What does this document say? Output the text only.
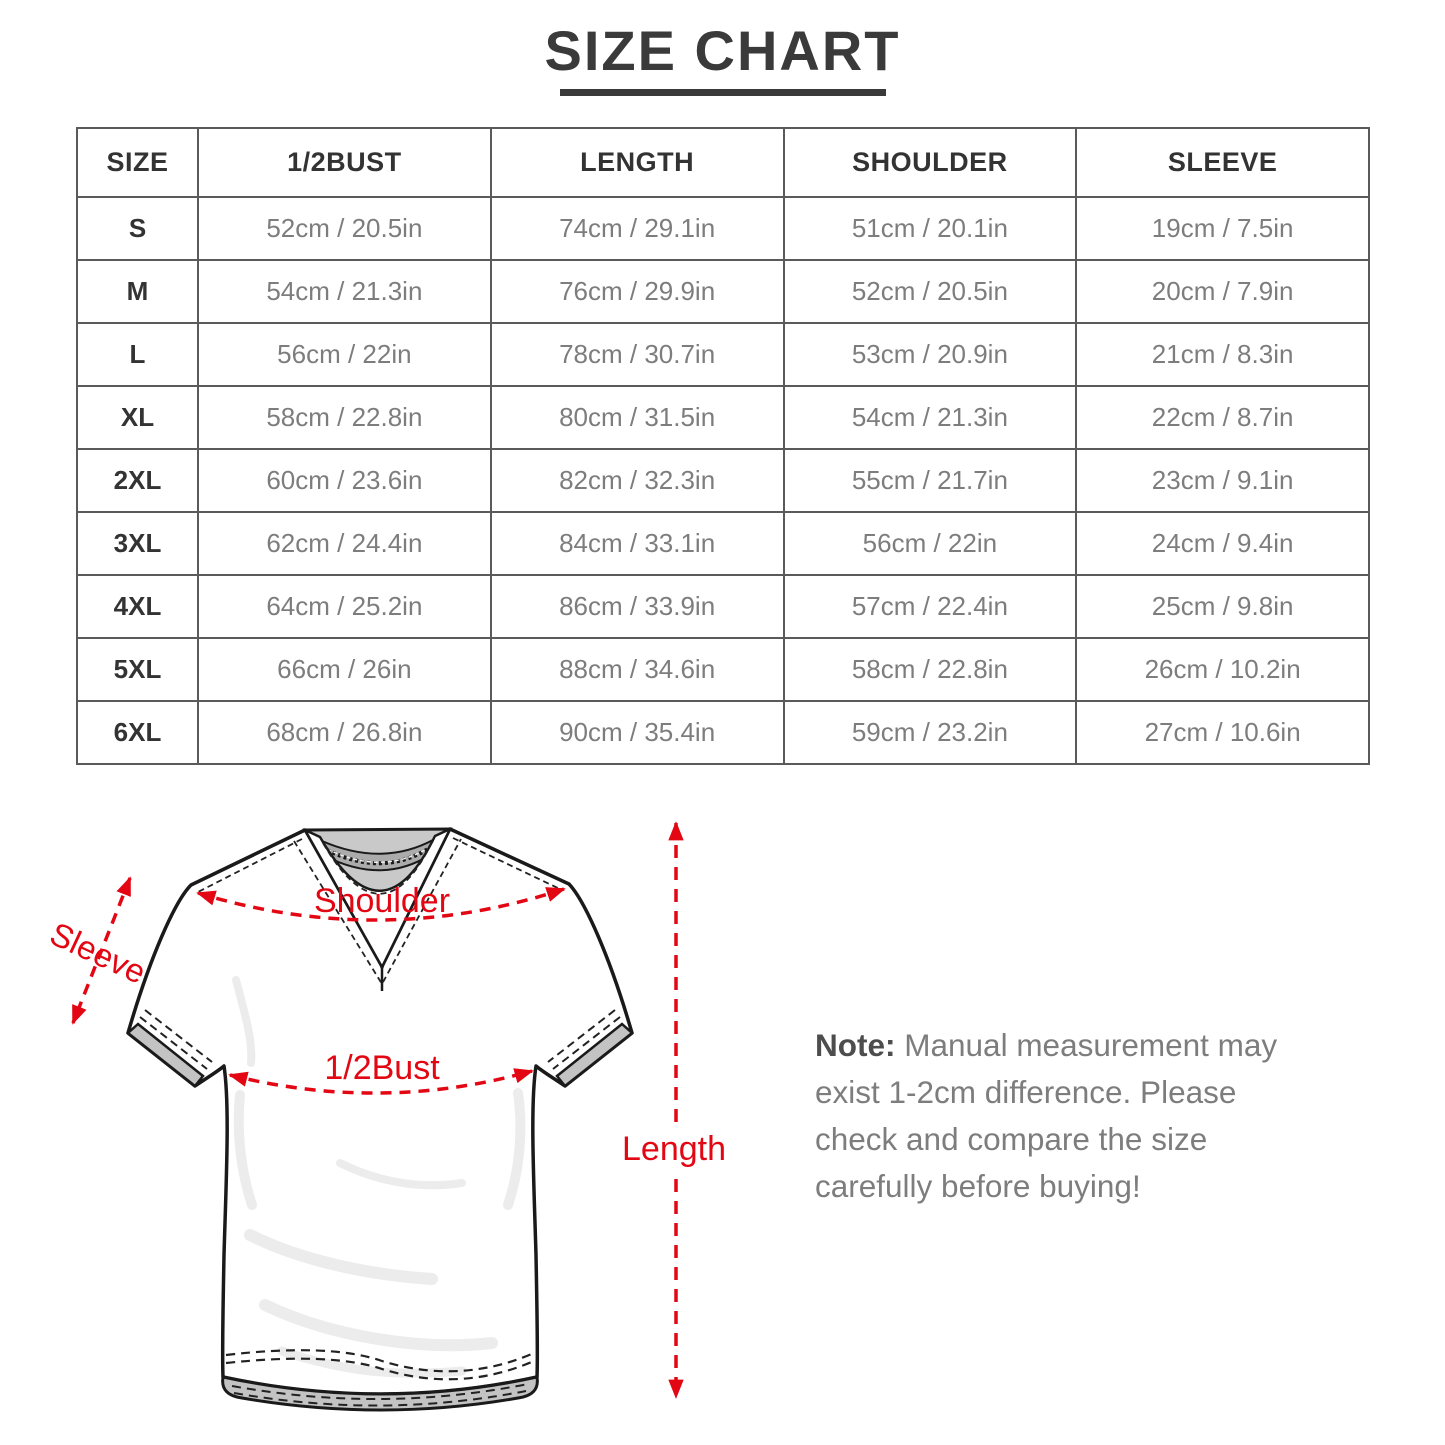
SIZE CHART
SIZE	1/2BUST	LENGTH	SHOULDER	SLEEVE
S	52cm / 20.5in	74cm / 29.1in	51cm / 20.1in	19cm / 7.5in
M	54cm / 21.3in	76cm / 29.9in	52cm / 20.5in	20cm / 7.9in
L	56cm / 22in	78cm / 30.7in	53cm / 20.9in	21cm / 8.3in
XL	58cm / 22.8in	80cm / 31.5in	54cm / 21.3in	22cm / 8.7in
2XL	60cm / 23.6in	82cm / 32.3in	55cm / 21.7in	23cm / 9.1in
3XL	62cm / 24.4in	84cm / 33.1in	56cm / 22in	24cm / 9.4in
4XL	64cm / 25.2in	86cm / 33.9in	57cm / 22.4in	25cm / 9.8in
5XL	66cm / 26in	88cm / 34.6in	58cm / 22.8in	26cm / 10.2in
6XL	68cm / 26.8in	90cm / 35.4in	59cm / 23.2in	27cm / 10.6in
Shoulder
1/2Bust
Sleeve
Length
Note: Manual measurement may exist 1-2cm difference. Please check and compare the size carefully before buying!
